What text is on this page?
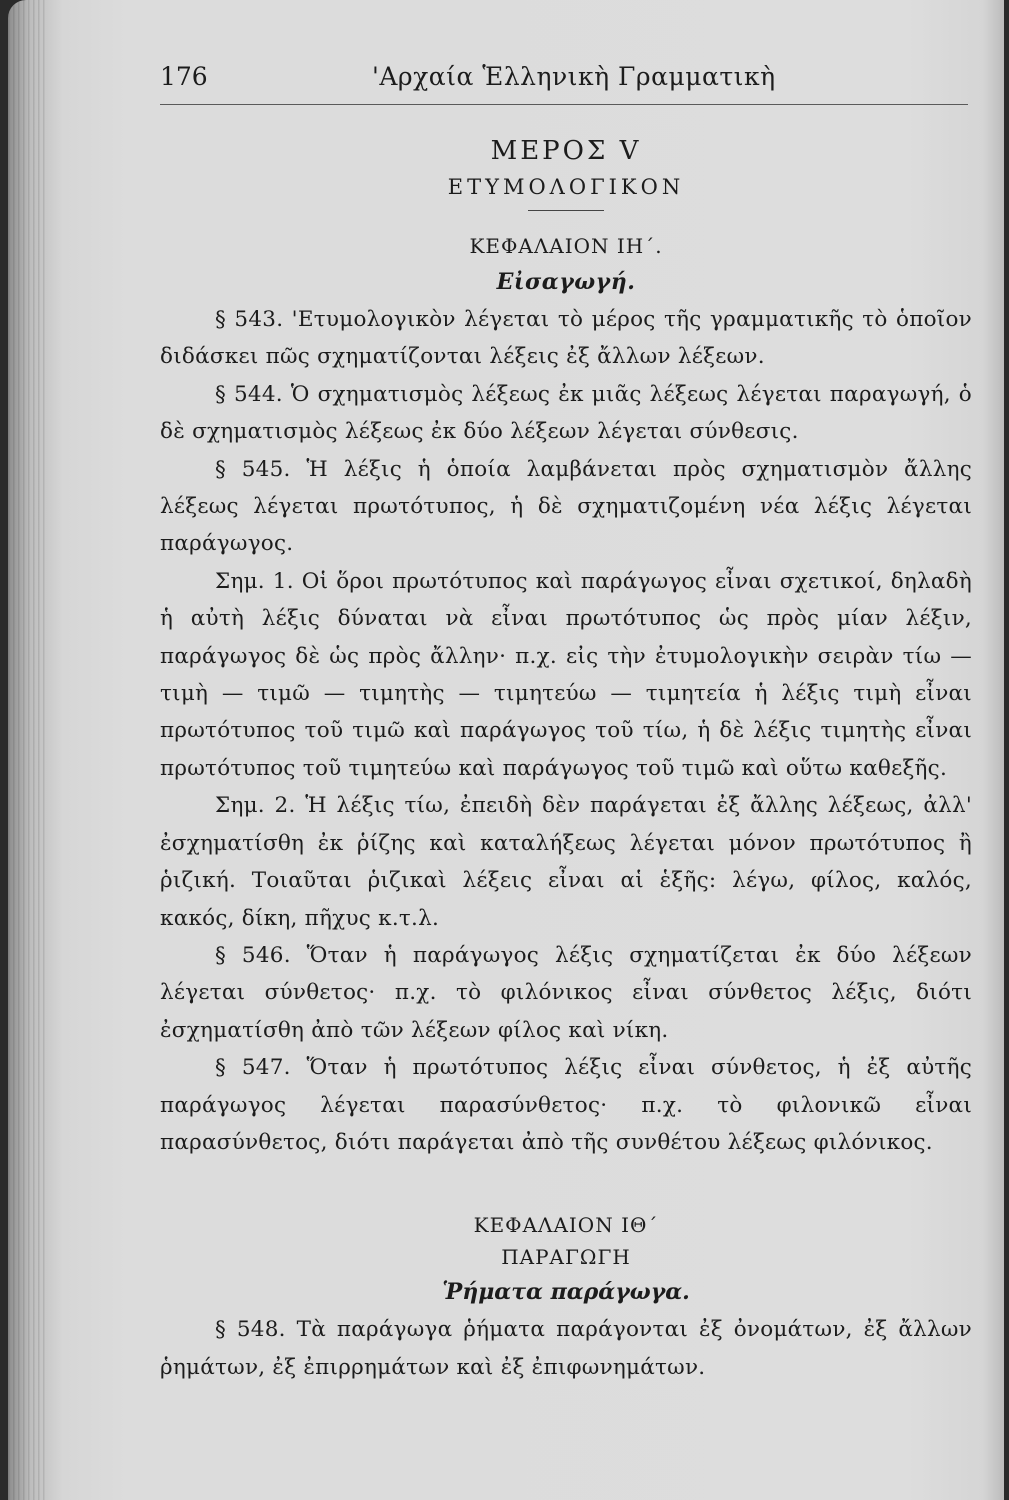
176	'Αρχαία Ἑλληνικὴ Γραμματικὴ
ΜΕΡΟΣ V
ΕΤΥΜΟΛΟΓΙΚΟΝ
ΚΕΦΑΛΑΙΟΝ ΙΗ΄.
Εἰσαγωγή.

§ 543. 'Ετυμολογικὸν λέγεται τὸ μέρος τῆς γραμματικῆς τὸ ὁποῖον διδάσκει πῶς σχηματίζονται λέξεις ἐξ ἄλλων λέξεων.

§ 544. Ὁ σχηματισμὸς λέξεως ἐκ μιᾶς λέξεως λέγεται παραγωγή, ὁ δὲ σχηματισμὸς λέξεως ἐκ δύο λέξεων λέγεται σύνθεσις.

§ 545. Ἡ λέξις ἡ ὁποία λαμβάνεται πρὸς σχηματισμὸν ἄλλης λέξεως λέγεται πρωτότυπος, ἡ δὲ σχηματιζομένη νέα λέξις λέγεται παράγωγος.

Σημ. 1. Οἱ ὅροι πρωτότυπος καὶ παράγωγος εἶναι σχετικοί, δηλαδὴ ἡ αὐτὴ λέξις δύναται νὰ εἶναι πρωτότυπος ὡς πρὸς μίαν λέξιν, παράγωγος δὲ ὡς πρὸς ἄλλην· π.χ. εἰς τὴν ἐτυμολογικὴν σειρὰν τίω — τιμὴ — τιμῶ — τιμητὴς — τιμητεύω — τιμητεία ἡ λέξις τιμὴ εἶναι πρωτότυπος τοῦ τιμῶ καὶ παράγωγος τοῦ τίω, ἡ δὲ λέξις τιμητὴς εἶναι πρωτότυπος τοῦ τιμητεύω καὶ παράγωγος τοῦ τιμῶ καὶ οὕτω καθεξῆς.

Σημ. 2. Ἡ λέξις τίω, ἐπειδὴ δὲν παράγεται ἐξ ἄλλης λέξεως, ἀλλ' ἐσχηματίσθη ἐκ ῥίζης καὶ καταλήξεως λέγεται μόνον πρωτότυπος ἢ ῥιζική. Τοιαῦται ῥιζικαὶ λέξεις εἶναι αἱ ἑξῆς: λέγω, φίλος, καλός, κακός, δίκη, πῆχυς κ.τ.λ.

§ 546. Ὅταν ἡ παράγωγος λέξις σχηματίζεται ἐκ δύο λέξεων λέγεται σύνθετος· π.χ. τὸ φιλόνικος εἶναι σύνθετος λέξις, διότι ἐσχηματίσθη ἀπὸ τῶν λέξεων φίλος καὶ νίκη.

§ 547. Ὅταν ἡ πρωτότυπος λέξις εἶναι σύνθετος, ἡ ἐξ αὐτῆς παράγωγος λέγεται παρασύνθετος· π.χ. τὸ φιλονικῶ εἶναι παρασύνθετος, διότι παράγεται ἀπὸ τῆς συνθέτου λέξεως φιλόνικος.

ΚΕΦΑΛΑΙΟΝ ΙΘ΄
ΠΑΡΑΓΩΓΗ
Ῥήματα παράγωγα.

§ 548. Τὰ παράγωγα ῥήματα παράγονται ἐξ ὀνομάτων, ἐξ ἄλλων ῥημάτων, ἐξ ἐπιρρημάτων καὶ ἐξ ἐπιφωνημάτων.
